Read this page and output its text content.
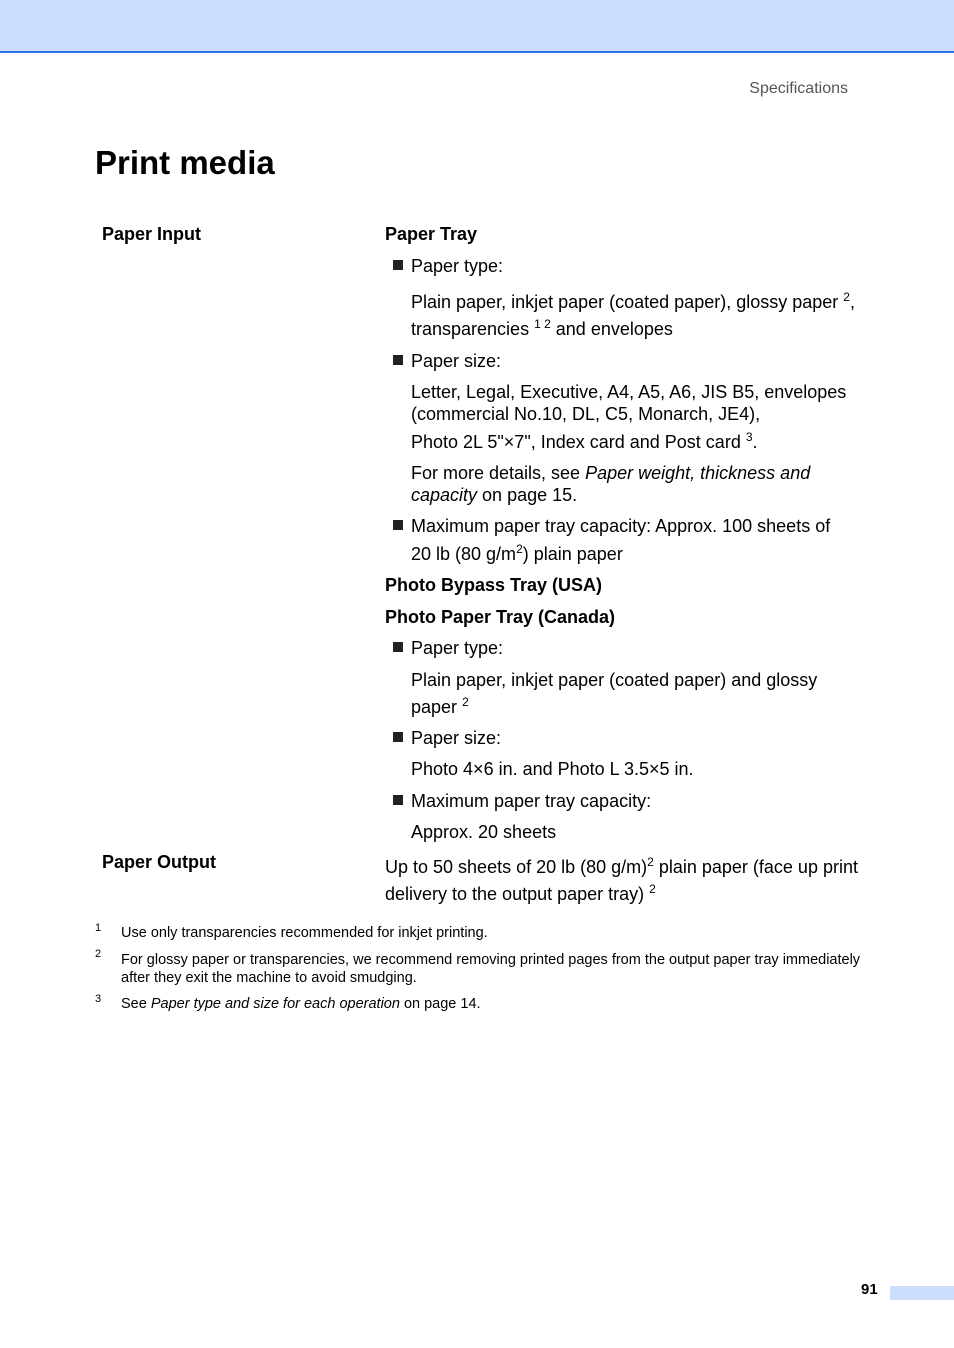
Specifications
Print media
Paper Input	Paper Tray
Paper type:
Plain paper, inkjet paper (coated paper), glossy paper $^2$,
transparencies $^{1 2}$ and envelopes
Paper size:
Letter, Legal, Executive, A4, A5, A6, JIS B5, envelopes
(commercial No.10, DL, C5, Monarch, JE4),
Photo 2L 5"×7", Index card and Post card $^3$.
For more details, see Paper weight, thickness and
capacity on page 15.
Maximum paper tray capacity: Approx. 100 sheets of
20 lb (80 $g/m^2$) plain paper
Photo Bypass Tray (USA)
Photo Paper Tray (Canada)
Paper type:
Plain paper, inkjet paper (coated paper) and glossy
paper $^2$
Paper size:
Photo 4×6 in. and Photo L 3.5×5 in.
Maximum paper tray capacity:
Approx. 20 sheets
Paper Output	Up to 50 sheets of 20 lb (80 g/m)$^2$ plain paper (face up print
delivery to the output paper tray) $^2$
1 Use only transparencies recommended for inkjet printing.
2 For glossy paper or transparencies, we recommend removing printed pages from the output paper tray immediately
after they exit the machine to avoid smudging.
3 See Paper type and size for each operation on page 14.
91
